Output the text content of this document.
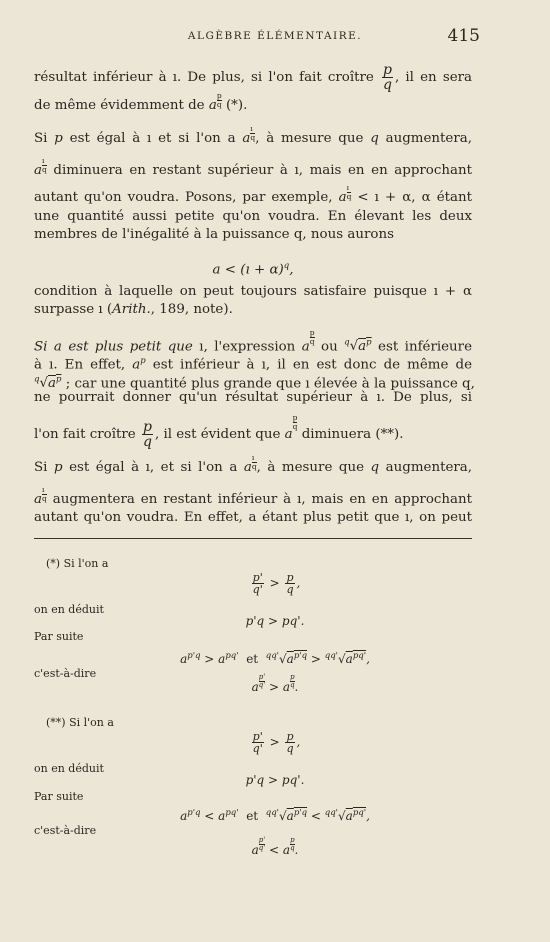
ALGÈBRE ÉLÉMENTAIRE.	415
résultat inférieur à ı. De plus, si l'on fait croître $\frac{p}{q}$ , il en sera
de même évidemment de a $\frac{p}{q}$ (*).
Si p est égal à ı et si l'on a a $\frac{ı}{q}$ , à mesure que q augmentera,
a $\frac{ı}{q}$ diminuera en restant supérieur à ı, mais en en approchant
autant qu'on voudra. Posons, par exemple, a $\frac{ı}{q}$ < ı + α, α étant
une quantité aussi petite qu'on voudra. En élevant les deux
membres de l'inégalité à la puissance q, nous aurons
a < (ı + α)$^q$,
condition à laquelle on peut toujours satisfaire puisque ı + α
surpasse ı (Arith., 189, note).
Si a est plus petit que ı, l'expression a
$\frac{p}{q}$
ou $^q√a^p$ est inférieure
à ı. En effet, $a^p$ est inférieur à ı, il en est donc de même de
$^q√a^p$ ; car une quantité plus grande que ı élevée à la puissance q,
ne pourrait donner qu'un résultat supérieur à ı. De plus, si
l'on fait croître $\frac{p}{q}$ , il est évident que a
$\frac{p}{q}$
diminuera (**).
Si p est égal à ı, et si l'on a a $\frac{ı}{q}$ , à mesure que q augmentera,
a $\frac{ı}{q}$ augmentera en restant inférieur à ı, mais en en approchant
autant qu'on voudra. En effet, a étant plus petit que ı, on peut
(*) Si l'on a
$\frac{p'}{q'} > \frac{p}{q}$ ,
on en déduit
p'q > pq'.
Par suite
$a^{p'q} > a^{pq'}$ et $^{qq'}√a^{p'q} > ^{qq'}√a^{pq'}$,
c'est-à-dire
a $\frac{p'}{q'} > a \frac{p}{q}$ .
(**) Si l'on a
$\frac{p'}{q'} > \frac{p}{q}$ ,
on en déduit
p'q > pq'.
Par suite
$a^{p'q} < a^{pq'}$ et $^{qq'}√a^{p'q} < ^{qq'}√a^{pq'}$,
c'est-à-dire
a $\frac{p'}{q'} < a \frac{p}{q}$ .
